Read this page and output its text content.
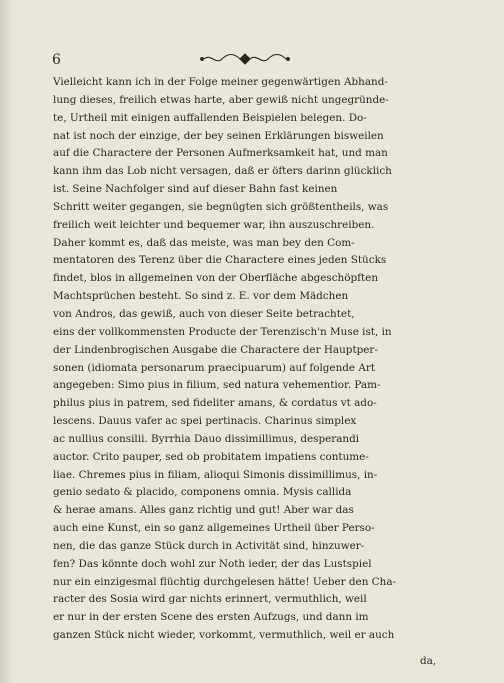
6
Vielleicht kann ich in der Folge meiner gegenwärtigen Abhand-
lung dieses, freilich etwas harte, aber gewiß nicht ungegründe-
te, Urtheil mit einigen auffallenden Beispielen belegen. Do-
nat ist noch der einzige, der bey seinen Erklärungen bisweilen
auf die Charactere der Personen Aufmerksamkeit hat, und man
kann ihm das Lob nicht versagen, daß er öfters darinn glücklich
ist. Seine Nachfolger sind auf dieser Bahn fast keinen
Schritt weiter gegangen, sie begnügten sich größtentheils, was
freilich weit leichter und bequemer war, ihn auszuschreiben.
Daher kommt es, daß das meiste, was man bey den Com-
mentatoren des Terenz über die Charactere eines jeden Stücks
findet, blos in allgemeinen von der Oberfläche abgeschöpften
Machtsprüchen besteht. So sind z. E. vor dem Mädchen
von Andros, das gewiß, auch von dieser Seite betrachtet,
eins der vollkommensten Producte der Terenzisch'n Muse ist, in
der Lindenbrogischen Ausgabe die Charactere der Hauptper-
sonen (idiomata personarum praecipuarum) auf folgende Art
angegeben: Simo pius in filium, sed natura vehementior. Pam-
philus pius in patrem, sed fideliter amans, & cordatus vt ado-
lescens. Dauus vafer ac spei pertinacis. Charinus simplex
ac nullius consilii. Byrrhia Dauo dissimillimus, desperandi
auctor. Crito pauper, sed ob probitatem impatiens contume-
liae. Chremes pius in filiam, alioqui Simonis dissimillimus, in-
genio sedato & placido, componens omnia. Mysis callida
& herae amans. Alles ganz richtig und gut! Aber war das
auch eine Kunst, ein so ganz allgemeines Urtheil über Perso-
nen, die das ganze Stück durch in Activität sind, hinzuwer-
fen? Das könnte doch wohl zur Noth ieder, der das Lustspiel
nur ein einzigesmal flüchtig durchgelesen hätte! Ueber den Cha-
racter des Sosia wird gar nichts erinnert, vermuthlich, weil
er nur in der ersten Scene des ersten Aufzugs, und dann im
ganzen Stück nicht wieder, vorkommt, vermuthlich, weil er auch
da,
